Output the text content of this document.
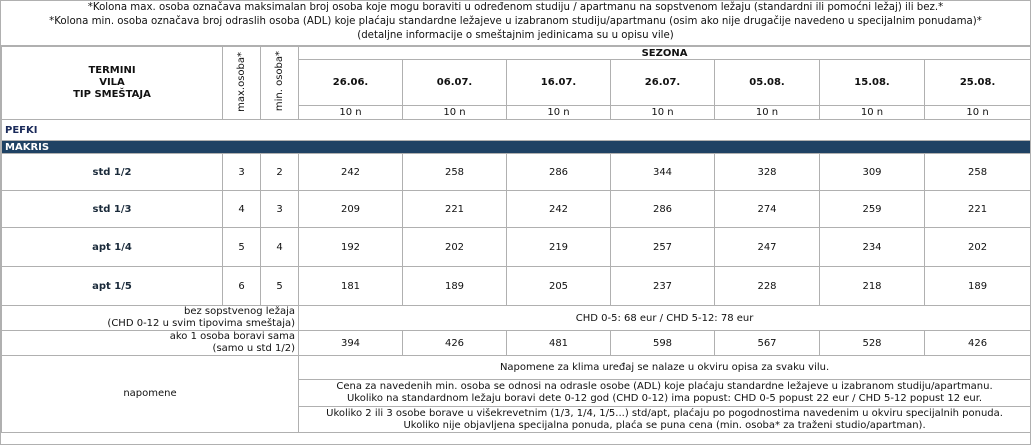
*Kolona max. osoba označava maksimalan broj osoba koje mogu boraviti u određenom studiju / apartmanu na sopstvenom ležaju (standardni ili pomoćni ležaj) ili bez.*
*Kolona min. osoba označava broj odraslih osoba (ADL) koje plaćaju standardne ležajeve u izabranom studiju/apartmanu (osim ako nije drugačije navedeno u specijalnim ponudama)*
(detaljne informacije o smeštajnim jedinicama su u opisu vile)
TERMINI
VILA
TIP SMEŠTAJA	max.osoba*	min. osoba*	SEZONA						
			26.06.	06.07.	16.07.	26.07.	05.08.	15.08.	25.08.
			10 n	10 n	10 n	10 n	10 n	10 n	10 n
PEFKI									
MAKRIS									
std 1/2	3	2	242	258	286	344	328	309	258
std 1/3	4	3	209	221	242	286	274	259	221
apt 1/4	5	4	192	202	219	257	247	234	202
apt 1/5	6	5	181	189	205	237	228	218	189

bez sopstvenog ležaja
(CHD 0-12 u svim tipovima smeštaja)			CHD 0-5: 68 eur / CHD 5-12: 78 eur						

ako 1 osoba boravi sama
(samo u std 1/2)			394	426	481	598	567	528	426
napomene			Napomene za klima uređaj se nalaze u okviru opisa za svaku vilu.						

			Cena za navedenih min. osoba se odnosi na odrasle osobe (ADL) koje plaćaju standardne ležajeve u izabranom studiju/apartmanu.
Ukoliko na standardnom ležaju boravi dete 0-12 god (CHD 0-12) ima popust: CHD 0-5 popust 22 eur / CHD 5-12 popust 12 eur.						

			Ukoliko 2 ili 3 osobe borave u višekrevetnim (1/3, 1/4, 1/5...) std/apt, plaćaju po pogodnostima navedenim u okviru specijalnih ponuda.
Ukoliko nije objavljena specijalna ponuda, plaća se puna cena (min. osoba* za traženi studio/apartman).						
